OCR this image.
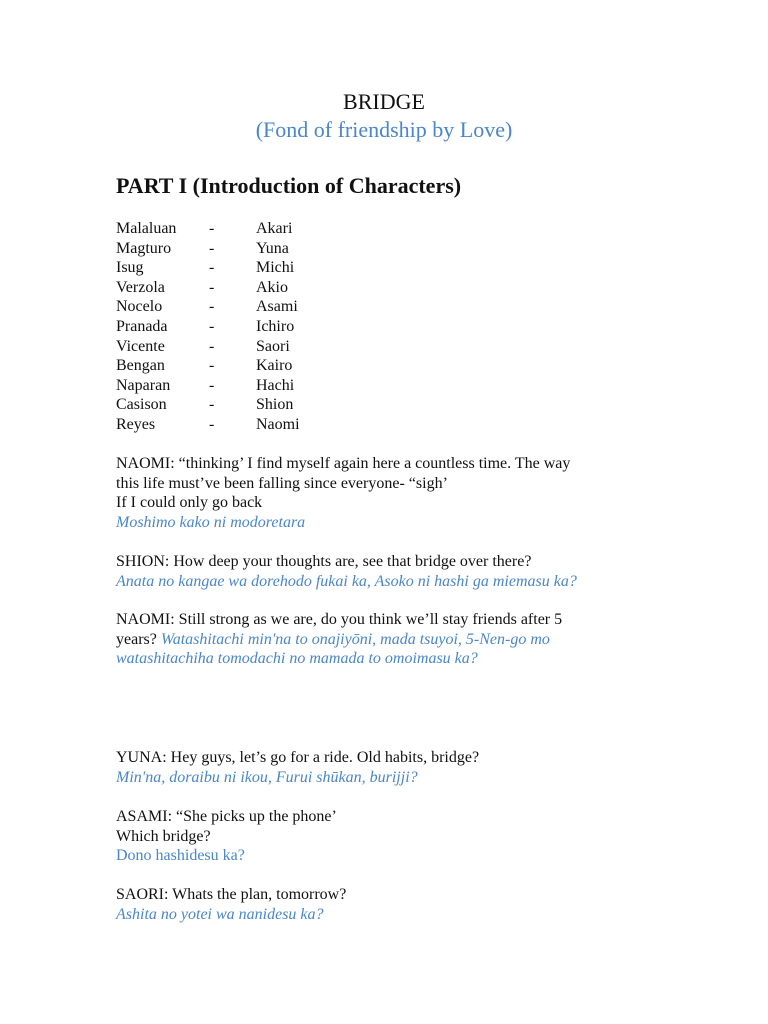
BRIDGE
(Fond of friendship by Love)
PART I (Introduction of Characters)
Malaluan	-	Akari
Magturo	-	Yuna
Isug	-	Michi
Verzola	-	Akio
Nocelo	-	Asami
Pranada	-	Ichiro
Vicente	-	Saori
Bengan	-	Kairo
Naparan	-	Hachi
Casison	-	Shion
Reyes	-	Naomi
NAOMI: “thinking’ I find myself again here a countless time. The way
this life must’ve been falling since everyone- “sigh’
If I could only go back
Moshimo kako ni modoretara
SHION: How deep your thoughts are, see that bridge over there?
Anata no kangae wa dorehodo fukai ka, Asoko ni hashi ga miemasu ka?
NAOMI: Still strong as we are, do you think we’ll stay friends after 5
years? Watashitachi min'na to onajiyōni, mada tsuyoi, 5-Nen-go mo
watashitachiha tomodachi no mamada to omoimasu ka?
YUNA: Hey guys, let’s go for a ride. Old habits, bridge?
Min'na, doraibu ni ikou, Furui shūkan, burijji?
ASAMI: “She picks up the phone’
Which bridge?
Dono hashidesu ka?
SAORI: Whats the plan, tomorrow?
Ashita no yotei wa nanidesu ka?
